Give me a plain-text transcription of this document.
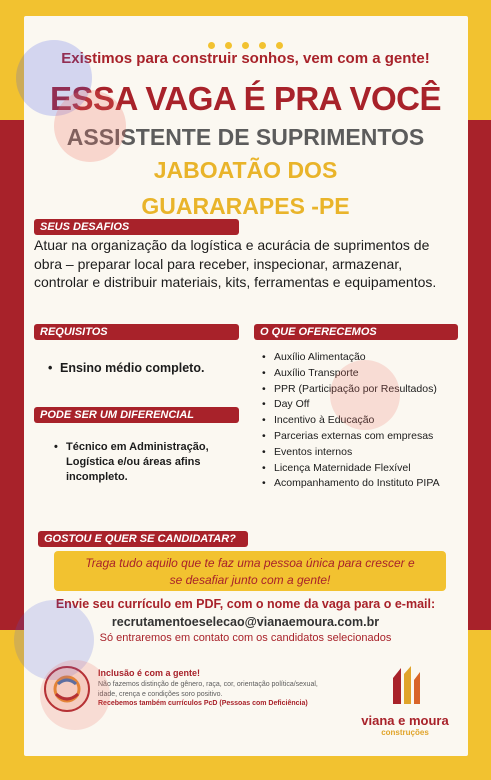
Existimos para construir sonhos, vem com a gente!
ESSA VAGA É PRA VOCÊ
ASSISTENTE DE SUPRIMENTOS
JABOATÃO DOS
GUARARAPES -PE
SEUS DESAFIOS
Atuar na organização da logística e acurácia de suprimentos de obra – preparar local para receber, inspecionar, armazenar, controlar e distribuir materiais, kits, ferramentas e equipamentos.
REQUISITOS
• Ensino médio completo.
PODE SER UM DIFERENCIAL
• Técnico em Administração, Logística e/ou áreas afins incompleto.
O QUE OFERECEMOS
• Auxílio Alimentação
• Auxílio Transporte
• PPR (Participação por Resultados)
• Day Off
• Incentivo à Educação
• Parcerias externas com empresas
• Eventos internos
• Licença Maternidade Flexível
• Acompanhamento do Instituto PIPA
GOSTOU E QUER SE CANDIDATAR?
Traga tudo aquilo que te faz uma pessoa única para crescer e
se desafiar junto com a gente!
Envie seu currículo em PDF, com o nome da vaga para o e-mail:
recrutamentoeselecao@vianaemoura.com.br
Só entraremos em contato com os candidatos selecionados
Inclusão é com a gente!
Não fazemos distinção de gênero, raça, cor, orientação política/sexual, idade, crença e condições soro positivo.
Recebemos também currículos PcD (Pessoas com Deficiência)
viana e moura
construções
